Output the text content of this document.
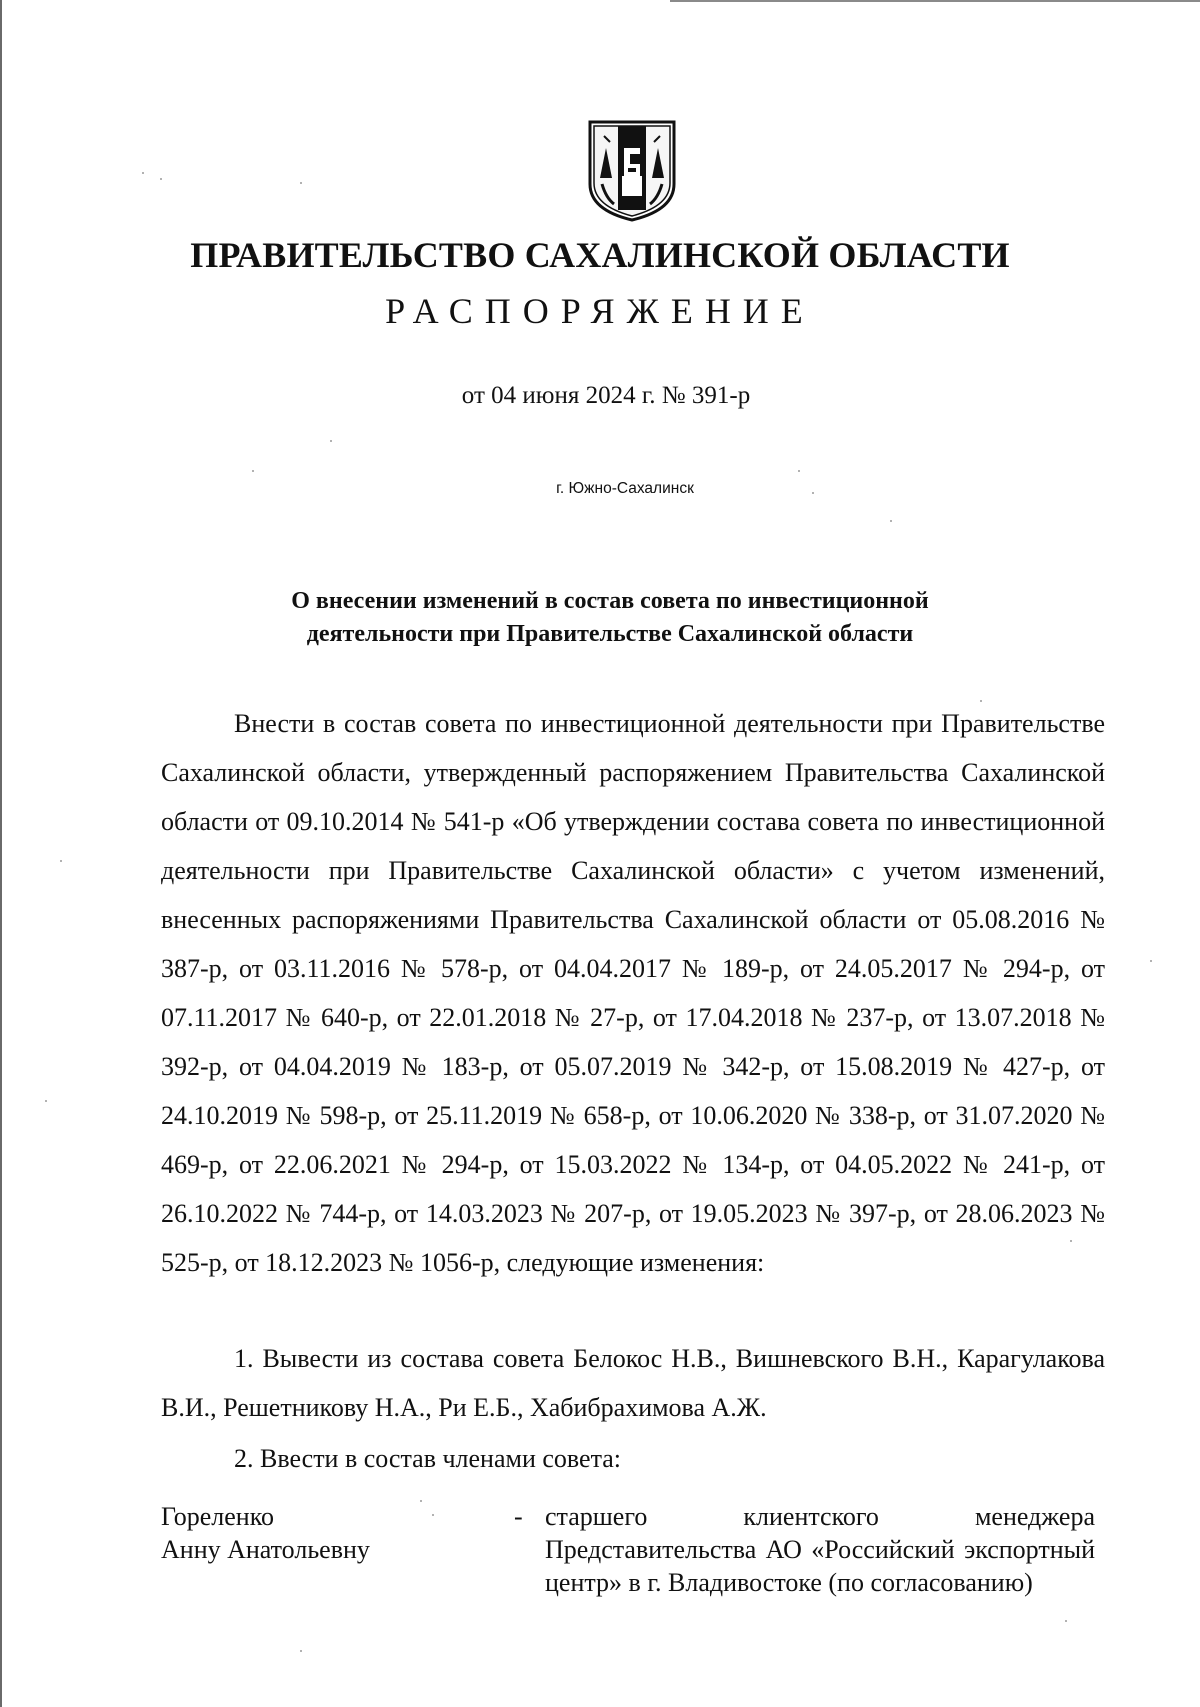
ПРАВИТЕЛЬСТВО САХАЛИНСКОЙ ОБЛАСТИ
РАСПОРЯЖЕНИЕ
от 04 июня 2024 г. № 391-р
г. Южно-Сахалинск
О внесении изменений в состав совета по инвестиционной
деятельности при Правительстве Сахалинской области
Внести в состав совета по инвестиционной деятельности при Правительстве Сахалинской области, утвержденный распоряжением Правительства Сахалинской области от 09.10.2014 № 541-р «Об утверждении состава совета по инвестиционной деятельности при Правительстве Сахалинской области» с учетом изменений, внесенных распоряжениями Правительства Сахалинской области от 05.08.2016 № 387-р, от 03.11.2016 № 578-р, от 04.04.2017 № 189-р, от 24.05.2017 № 294-р, от 07.11.2017 № 640-р, от 22.01.2018 № 27-р, от 17.04.2018 № 237-р, от 13.07.2018 № 392-р, от 04.04.2019 № 183-р, от 05.07.2019 № 342-р, от 15.08.2019 № 427-р, от 24.10.2019 № 598-р, от 25.11.2019 № 658-р, от 10.06.2020 № 338-р, от 31.07.2020 № 469-р, от 22.06.2021 № 294-р, от 15.03.2022 № 134-р, от 04.05.2022 № 241-р, от 26.10.2022 № 744-р, от 14.03.2023 № 207-р, от 19.05.2023 № 397-р, от 28.06.2023 № 525-р, от 18.12.2023 № 1056-р, следующие изменения:
1. Вывести из состава совета Белокос Н.В., Вишневского В.Н., Карагулакова В.И., Решетникову Н.А., Ри Е.Б., Хабибрахимова А.Ж.
2. Ввести в состав членами совета:
Гореленко
Анну Анатольевну
- старшего клиентского менеджера Представительства АО «Российский экспортный центр» в г. Владивостоке (по согласованию)
